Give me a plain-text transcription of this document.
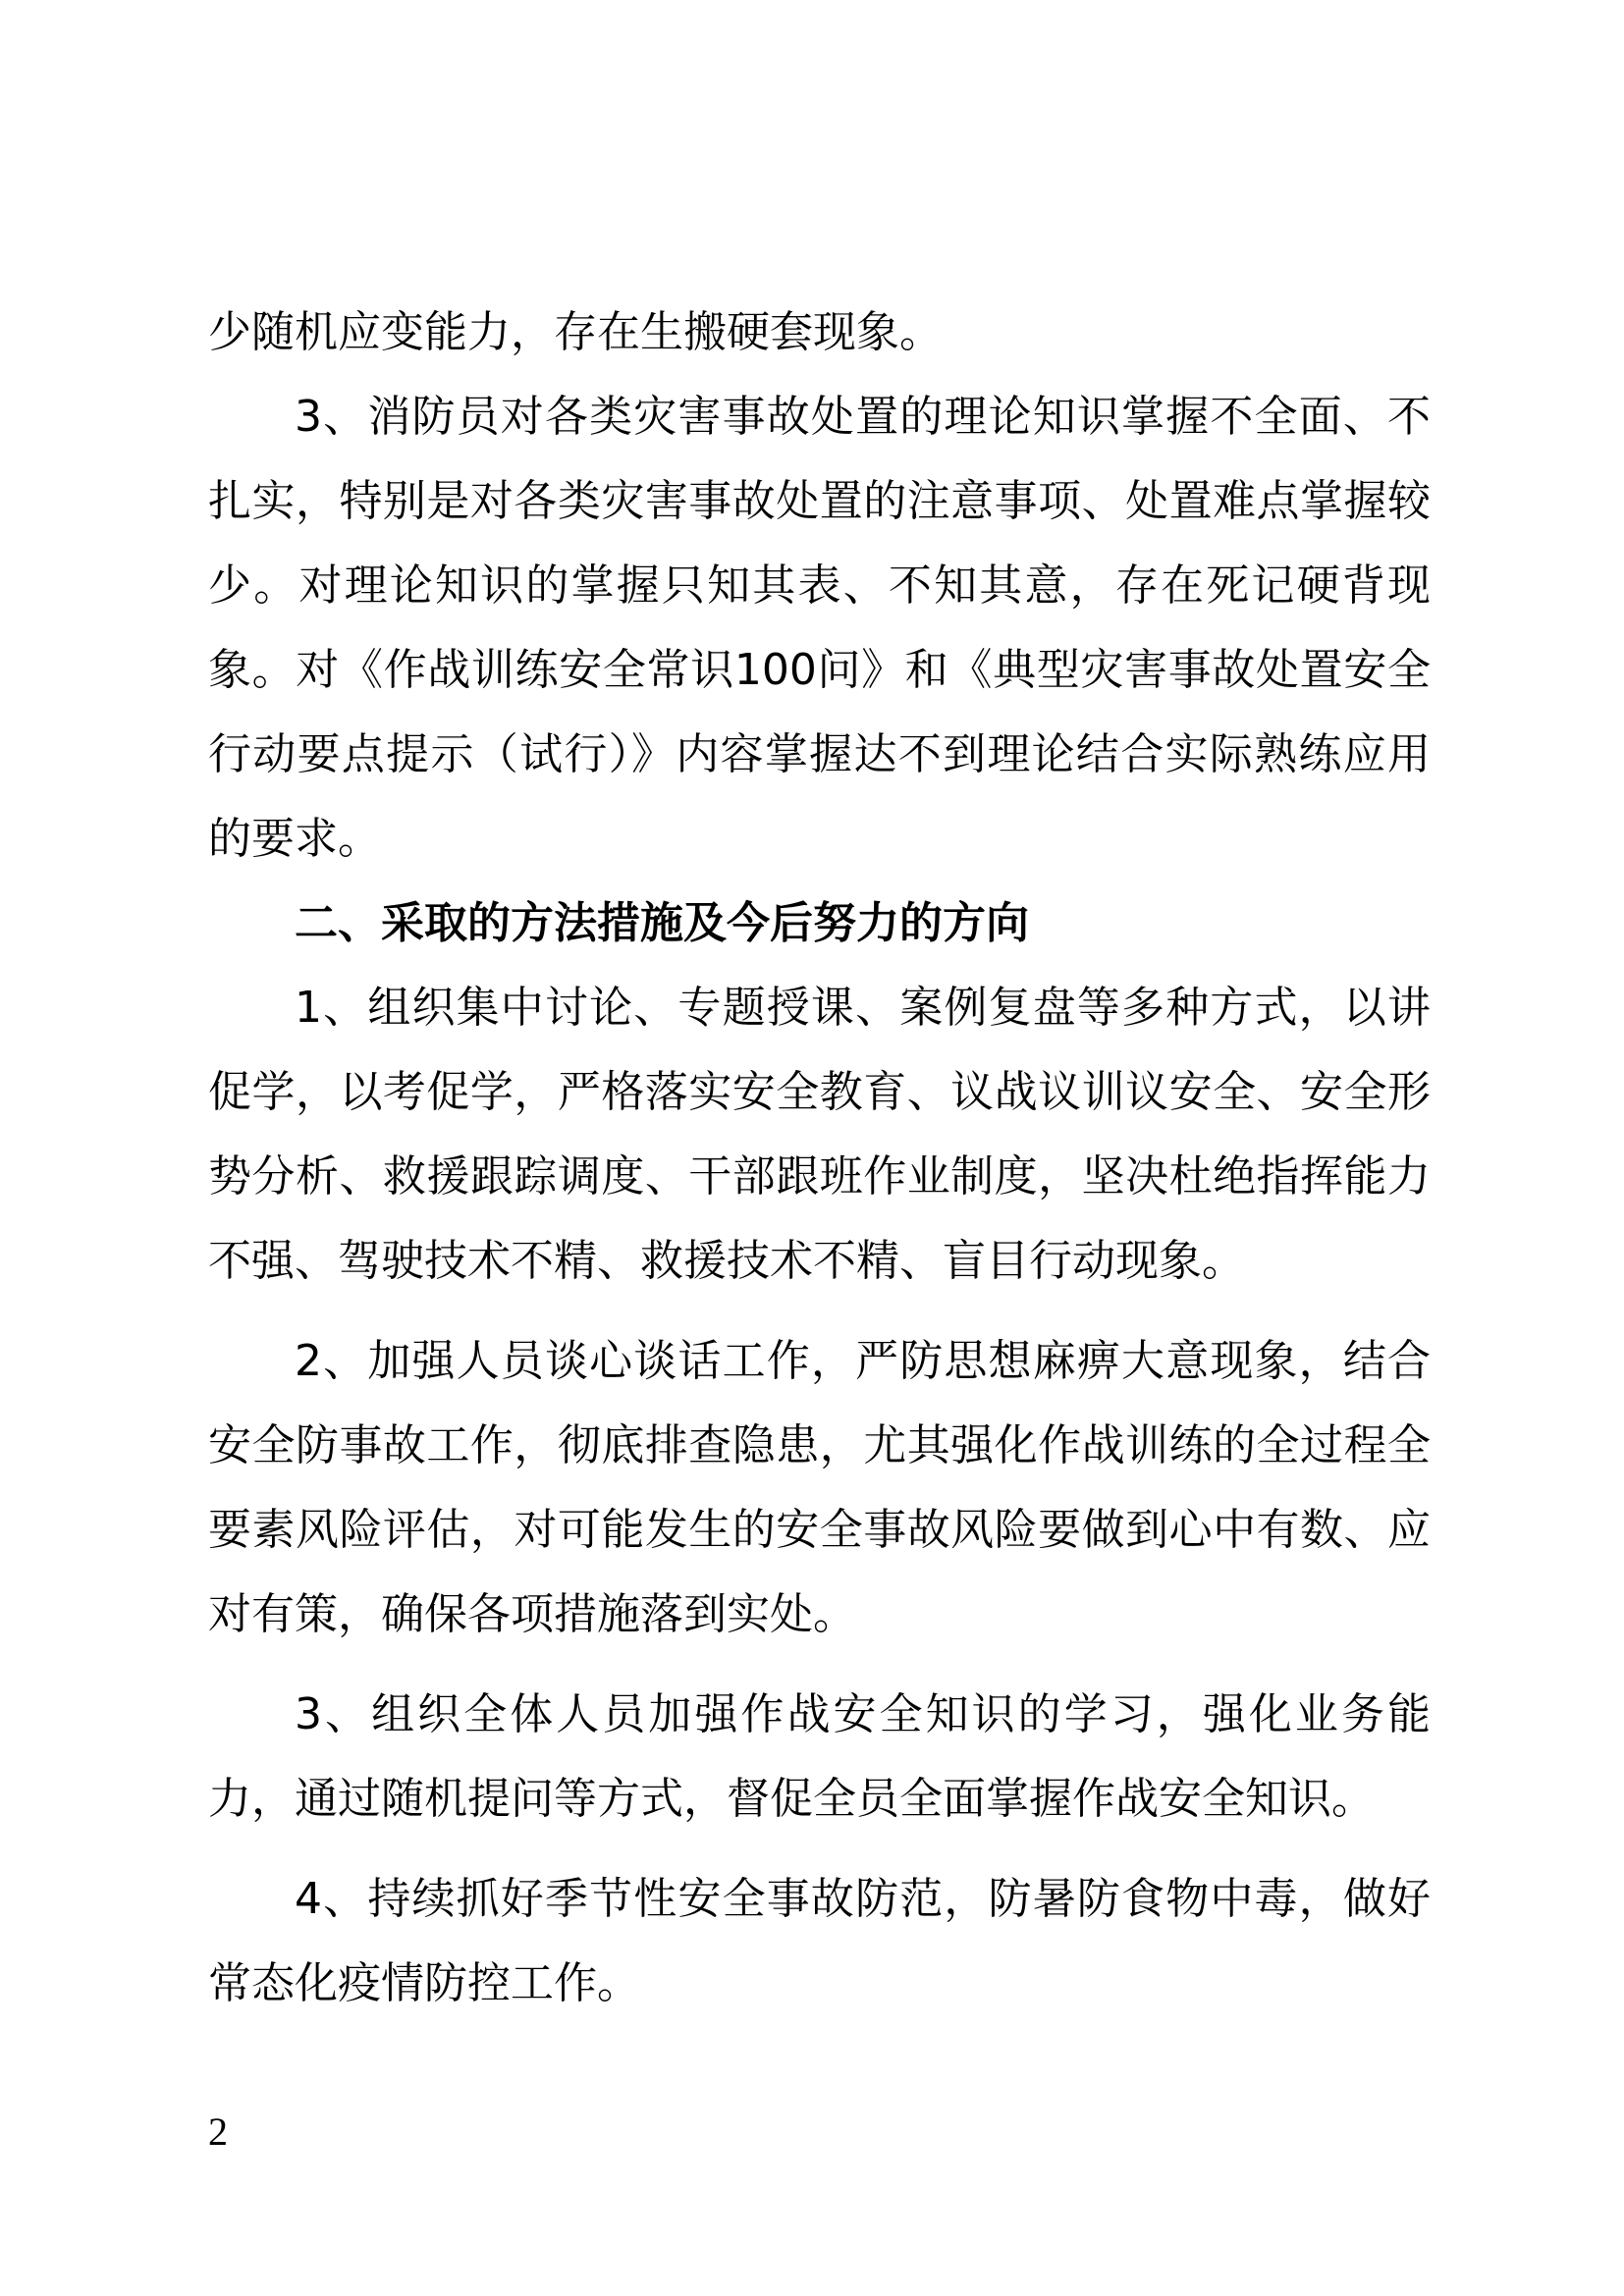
少随机应变能力，存在生搬硬套现象。

3、消防员对各类灾害事故处置的理论知识掌握不全面、不扎实，特别是对各类灾害事故处置的注意事项、处置难点掌握较少。对理论知识的掌握只知其表、不知其意，存在死记硬背现象。对《作战训练安全常识100问》和《典型灾害事故处置安全行动要点提示（试行）》内容掌握达不到理论结合实际熟练应用的要求。

二、采取的方法措施及今后努力的方向

1、组织集中讨论、专题授课、案例复盘等多种方式，以讲促学，以考促学，严格落实安全教育、议战议训议安全、安全形势分析、救援跟踪调度、干部跟班作业制度，坚决杜绝指挥能力不强、驾驶技术不精、救援技术不精、盲目行动现象。

2、加强人员谈心谈话工作，严防思想麻痹大意现象，结合安全防事故工作，彻底排查隐患，尤其强化作战训练的全过程全要素风险评估，对可能发生的安全事故风险要做到心中有数、应对有策，确保各项措施落到实处。

3、组织全体人员加强作战安全知识的学习，强化业务能力，通过随机提问等方式，督促全员全面掌握作战安全知识。

4、持续抓好季节性安全事故防范，防暑防食物中毒，做好常态化疫情防控工作。

2
